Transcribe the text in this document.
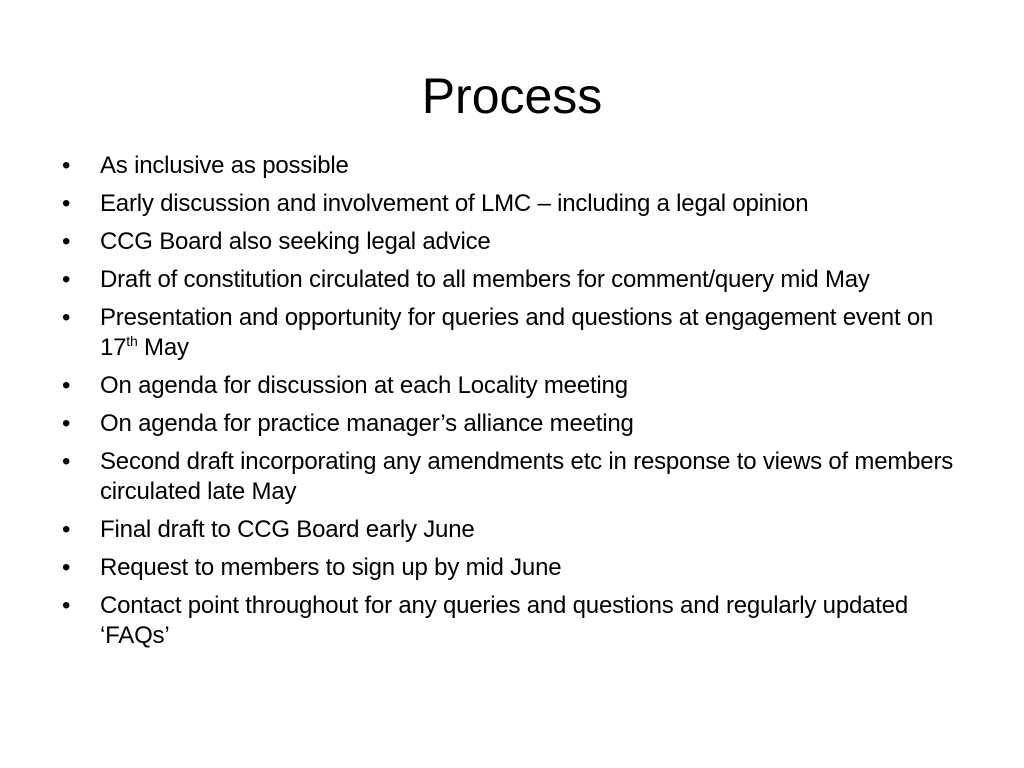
Process
•	As inclusive as possible
•	Early discussion and involvement of LMC – including a legal opinion
•	CCG Board also seeking legal advice
•	Draft of constitution circulated to all members for comment/query mid May
•	Presentation and opportunity for queries and questions at engagement event on 17th May
•	On agenda for discussion at each Locality meeting
•	On agenda for practice manager’s alliance meeting
•	Second draft incorporating any amendments etc in response to views of members circulated late May
•	Final draft to CCG Board early June
•	Request to members to sign up by mid June
•	Contact point throughout for any queries and questions and regularly updated ‘FAQs’
